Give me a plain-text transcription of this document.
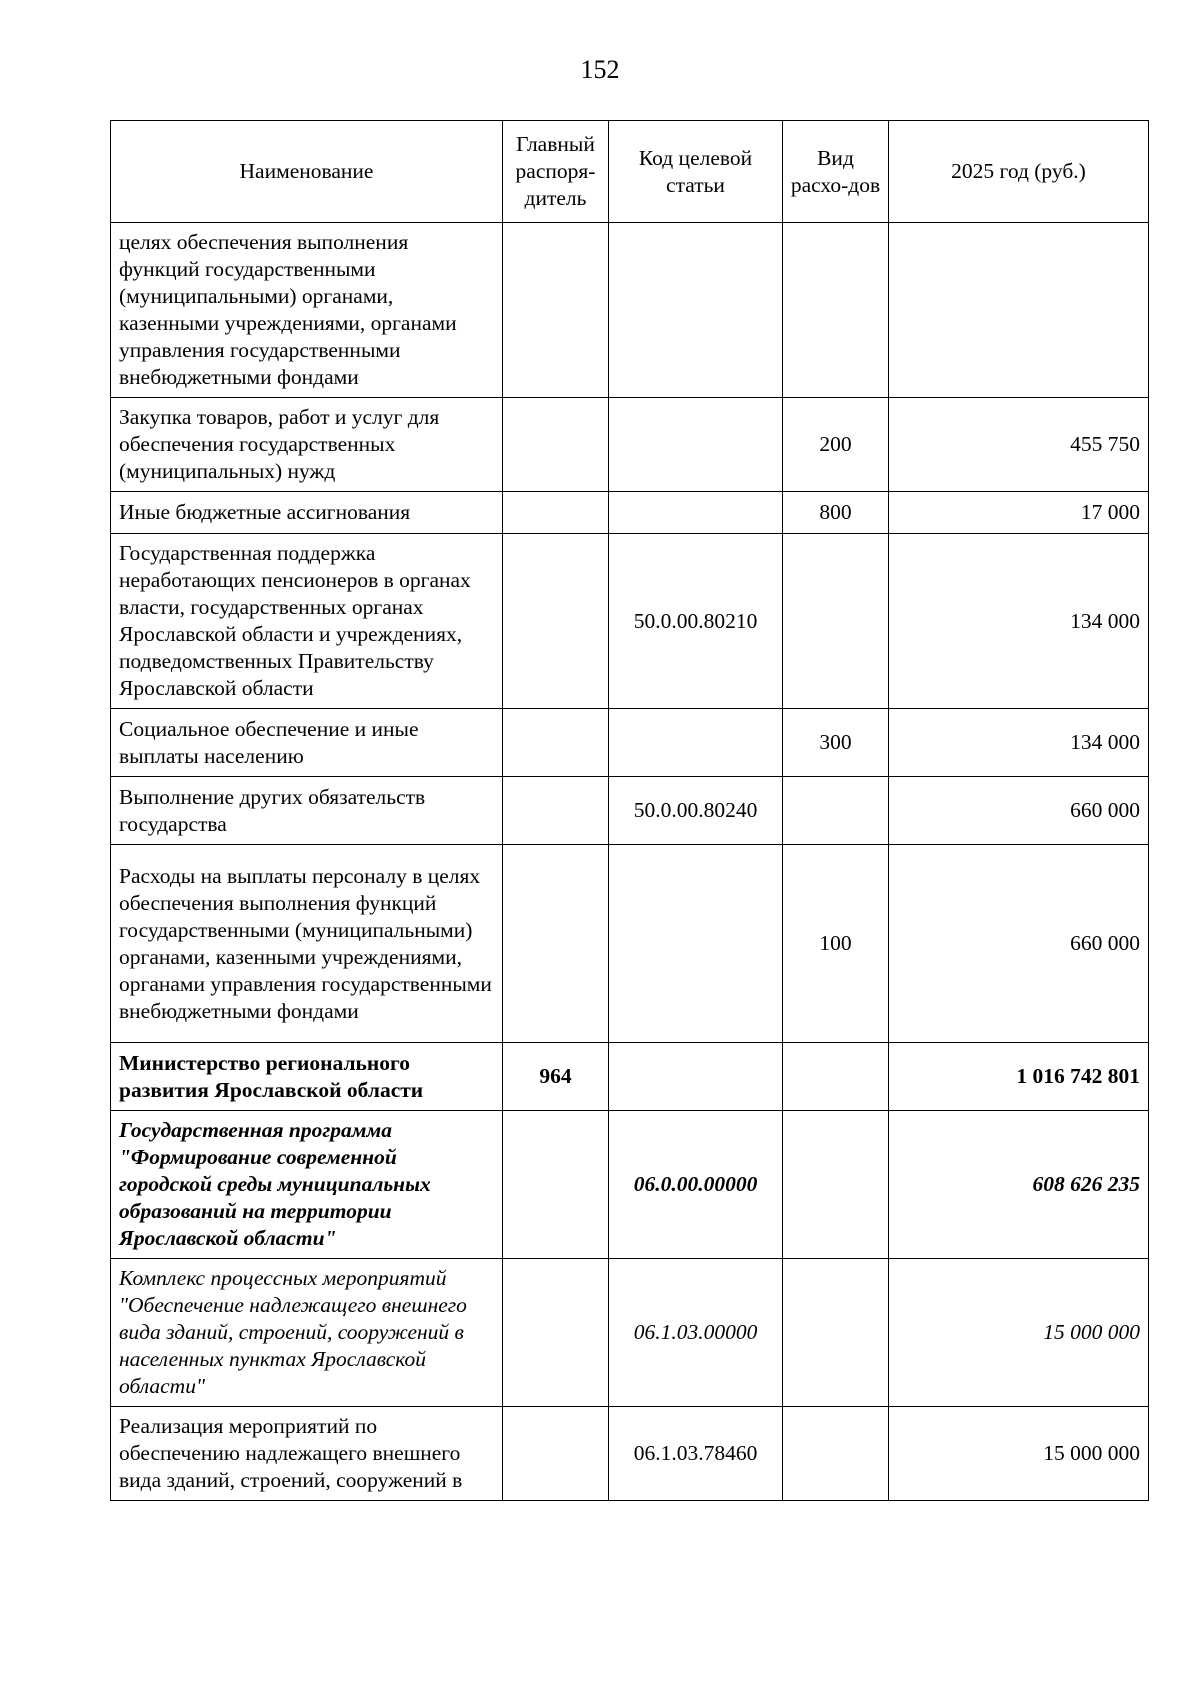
152
Наименование	Главный распоря-дитель	Код целевой статьи	Вид расхо-дов	2025 год (руб.)
целях обеспечения выполнения функций государственными (муниципальными) органами, казенными учреждениями, органами управления государственными внебюджетными фондами				
Закупка товаров, работ и услуг для обеспечения государственных (муниципальных) нужд			200	455 750
Иные бюджетные ассигнования			800	17 000
Государственная поддержка неработающих пенсионеров в органах власти, государственных органах Ярославской области и учреждениях, подведомственных Правительству Ярославской области		50.0.00.80210		134 000
Социальное обеспечение и иные выплаты населению			300	134 000
Выполнение других обязательств государства		50.0.00.80240		660 000
Расходы на выплаты персоналу в целях обеспечения выполнения функций государственными (муниципальными) органами, казенными учреждениями, органами управления государственными внебюджетными фондами			100	660 000
Министерство регионального развития Ярославской области	964			1 016 742 801
Государственная программа "Формирование современной городской среды муниципальных образований на территории Ярославской области"		06.0.00.00000		608 626 235
Комплекс процессных мероприятий "Обеспечение надлежащего внешнего вида зданий, строений, сооружений в населенных пунктах Ярославской области"		06.1.03.00000		15 000 000
Реализация мероприятий по обеспечению надлежащего внешнего вида зданий, строений, сооружений в		06.1.03.78460		15 000 000
